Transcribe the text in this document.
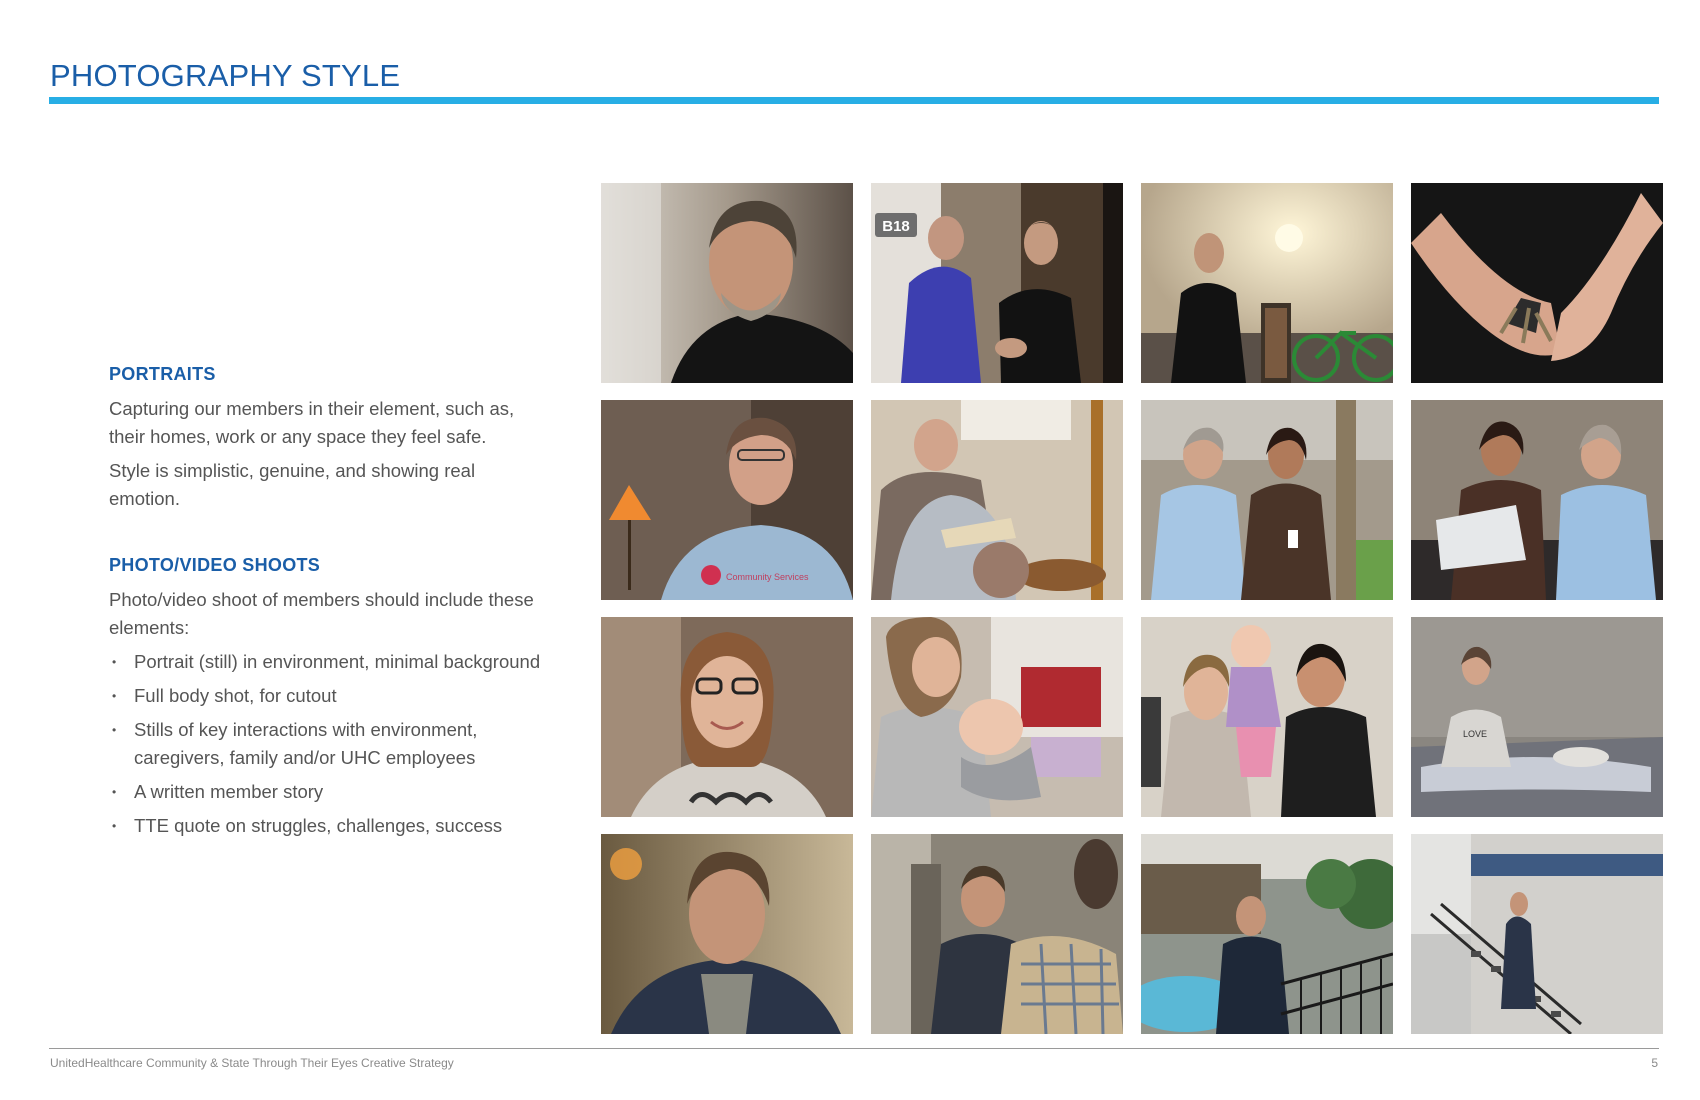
PHOTOGRAPHY STYLE
PORTRAITS

Capturing our members in their element, such as, their homes, work or any space they feel safe.

Style is simplistic, genuine, and showing real emotion.

PHOTO/VIDEO SHOOTS

Photo/video shoot of members should include these elements:

• Portrait (still) in environment, minimal background
• Full body shot, for cutout
• Stills of key interactions with environment, caregivers, family and/or UHC employees
• A written member story
• TTE quote on struggles, challenges, success
B18
Community Services
LOVE
UnitedHealthcare Community & State Through Their Eyes Creative Strategy	5
